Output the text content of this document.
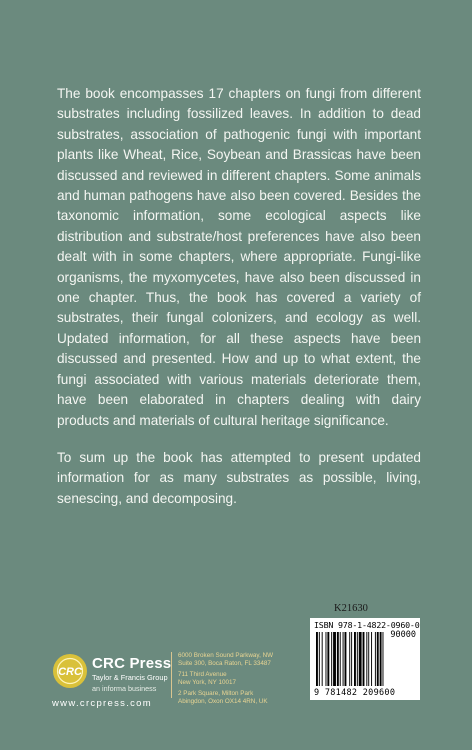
The book encompasses 17 chapters on fungi from different substrates including fossilized leaves. In addition to dead substrates, association of pathogenic fungi with important plants like Wheat, Rice, Soybean and Brassicas have been discussed and reviewed in different chapters. Some animals and human pathogens have also been covered. Besides the taxonomic information, some ecological aspects like distribution and substrate/host preferences have also been dealt with in some chapters, where appropriate. Fungi-like organisms, the myxomycetes, have also been discussed in one chapter. Thus, the book has covered a variety of substrates, their fungal colonizers, and ecology as well. Updated information, for all these aspects have been discussed and presented. How and up to what extent, the fungi associated with various materials deteriorate them, have been elaborated in chapters dealing with dairy products and materials of cultural heritage significance.

To sum up the book has attempted to present updated information for as many substrates as possible, living, senescing, and decomposing.

K21630
ISBN 978-1-4822-0960-0
90000
9 781482 209600
CRC CRC Press
Taylor & Francis Group
an informa business
6000 Broken Sound Parkway, NW
Suite 300, Boca Raton, FL 33487
711 Third Avenue
New York, NY 10017
2 Park Square, Milton Park
Abingdon, Oxon OX14 4RN, UK
www.crcpress.com
